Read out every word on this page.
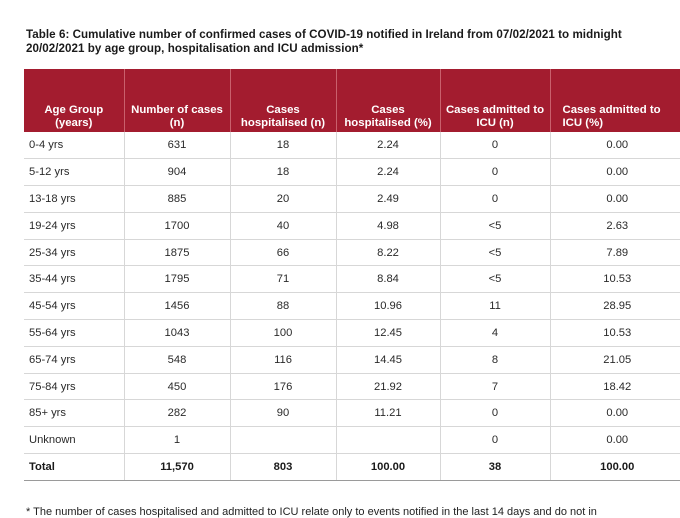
Table 6: Cumulative number of confirmed cases of COVID-19 notified in Ireland from 07/02/2021 to midnight 20/02/2021 by age group, hospitalisation and ICU admission*
Age Group (years)	Number of cases (n)	Cases hospitalised (n)	Cases hospitalised (%)	Cases admitted to ICU (n)	Cases admitted to ICU (%)

0-4 yrs	631	18	2.24	0	0.00
5-12 yrs	904	18	2.24	0	0.00
13-18 yrs	885	20	2.49	0	0.00
19-24 yrs	1700	40	4.98	<5	2.63
25-34 yrs	1875	66	8.22	<5	7.89
35-44 yrs	1795	71	8.84	<5	10.53
45-54 yrs	1456	88	10.96	11	28.95
55-64 yrs	1043	100	12.45	4	10.53
65-74 yrs	548	116	14.45	8	21.05
75-84 yrs	450	176	21.92	7	18.42
85+ yrs	282	90	11.21	0	0.00
Unknown	1			0	0.00
Total	11,570	803	100.00	38	100.00
* The number of cases hospitalised and admitted to ICU relate only to events notified in the last 14 days and do not in
